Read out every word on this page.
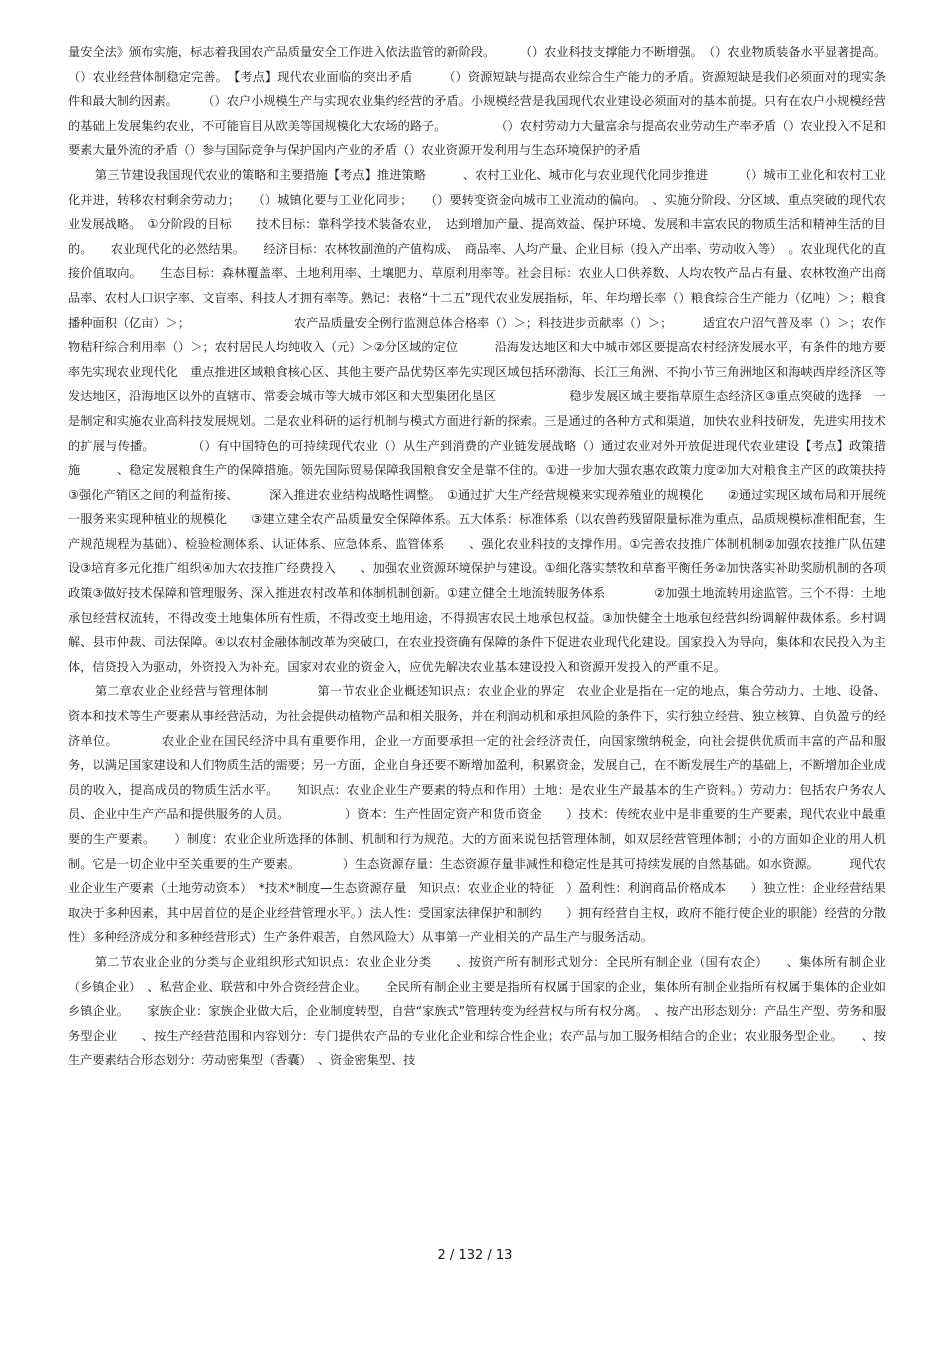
量安全法》颁布实施，标志着我国农产品质量安全工作进入依法监管的新阶段。　　　（）农业科技支撑能力不断增强。　（）农业物质装备水平显著提高。（）农业经营体制稳定完善。　【考点】现代农业面临的突出矛盾　　　（）资源短缺与提高农业综合生产能力的矛盾。资源短缺是我们必须面对的现实条件和最大制约因素。　　　（）农户小规模生产与实现农业集约经营的矛盾。小规模经营是我国现代农业建设必须面对的基本前提。只有在农户小规模经营的基础上发展集约农业，不可能盲目从欧美等国规模化大农场的路子。　　　　　（）农村劳动力大量富余与提高农业劳动生产率矛盾（）农业投入不足和要素大量外流的矛盾（）参与国际竞争与保护国内产业的矛盾（）农业资源开发利用与生态环境保护的矛盾

第三节建设我国现代农业的策略和主要措施【考点】推进策略　　　、农村工业化、城市化与农业现代化同步推进　　　（）城市工业化和农村工业化并进，转移农村剩余劳动力；　　（）城镇化要与工业化同步；　　（）要转变资金向城市工业流动的偏向。　、实施分阶段、分区域、重点突破的现代农业发展战略。　①分阶段的目标　　技术目标：靠科学技术装备农业，　达到增加产量、提高效益、保护环境、发展和丰富农民的物质生活和精神生活的目的。　　农业现代化的必然结果。　　经济目标：农林牧副渔的产值构成、　商品率、人均产量、企业目标（投入产出率、劳动收入等）　。农业现代化的直接价值取向。　　生态目标：森林覆盖率、土地利用率、土壤肥力、草原利用率等。社会目标：农业人口供养数、人均农牧产品占有量、农林牧渔产出商品率、农村人口识字率、文盲率、科技人才拥有率等。熟记：表格“十二五”现代农业发展指标，年、年均增长率（）粮食综合生产能力（亿吨）＞；粮食播种面积（亿亩）＞；　　　　　　　　　农产品质量安全例行监测总体合格率（）＞；科技进步贡献率（）＞；　　　适宜农户沼气普及率（）＞；农作物秸秆综合利用率（）＞；农村居民人均纯收入（元）＞②分区域的定位　　　沿海发达地区和大中城市郊区要提高农村经济发展水平，有条件的地方要率先实现农业现代化　重点推进区域粮食核心区、其他主要产品优势区率先实现区域包括环渤海、长江三角洲、不拘小节三角洲地区和海峡西岸经济区等发达地区，沿海地区以外的直辖市、常委会城市等大城市郊区和大型集团化垦区　　　　　　稳步发展区域主要指草原生态经济区③重点突破的选择　一是制定和实施农业高科技发展规划。二是农业科研的运行机制与模式方面进行新的探索。三是通过的各种方式和渠道，加快农业科技研发，先进实用技术的扩展与传播。　　　　（）有中国特色的可持续现代农业（）从生产到消费的产业链发展战略（）通过农业对外开放促进现代农业建设【考点】政策措施　　　、稳定发展粮食生产的保障措施。领先国际贸易保障我国粮食安全是靠不住的。①进一步加大强农惠农政策力度②加大对粮食主产区的政策扶持③强化产销区之间的利益衔接、　　　深入推进农业结构战略性调整。　①通过扩大生产经营规模来实现养殖业的规模化　　②通过实现区域布局和开展统一服务来实现种植业的规模化　　③建立建全农产品质量安全保障体系。五大体系：标准体系（以农兽药残留限量标准为重点，品质规模标准相配套，生产规范规程为基础）、检验检测体系、认证体系、应急体系、监管体系　　、强化农业科技的支撑作用。①完善农技推广体制机制②加强农技推广队伍建设③培育多元化推广组织④加大农技推广经费投入　　、加强农业资源环境保护与建设。①细化落实禁牧和草畜平衡任务②加快落实补助奖励机制的各项政策③做好技术保障和管理服务、深入推进农村改革和体制机制创新。①建立健全土地流转服务体系　　　　②加强土地流转用途监管。三个不得：土地承包经营权流转，不得改变土地集体所有性质，不得改变土地用途，不得损害农民土地承包权益。③加快健全土地承包经营纠纷调解仲裁体系。乡村调解、县市仲裁、司法保障。④以农村金融体制改革为突破口，在农业投资确有保障的条件下促进农业现代化建设。国家投入为导向，集体和农民投入为主体，信贷投入为驱动，外资投入为补充。国家对农业的资金入，应优先解决农业基本建设投入和资源开发投入的严重不足。

第二章农业企业经营与管理体制　　　　第一节农业企业概述知识点：农业企业的界定　农业企业是指在一定的地点，集合劳动力、土地、设备、资本和技术等生产要素从事经营活动，为社会提供动植物产品和相关服务，并在利润动机和承担风险的条件下，实行独立经营、独立核算、自负盈亏的经济单位。　　　　农业企业在国民经济中具有重要作用，企业一方面要承担一定的社会经济责任，向国家缴纳税金，向社会提供优质而丰富的产品和服务，以满足国家建设和人们物质生活的需要；另一方面，企业自身还要不断增加盈利，积累资金，发展自己，在不断发展生产的基础上，不断增加企业成员的收入，提高成员的物质生活水平。　　知识点：农业企业生产要素的特点和作用）土地：是农业生产最基本的生产资料。）劳动力：包括农户务农人员、企业中生产产品和提供服务的人员。　　　　　）资本：生产性固定资产和货币资金　　）技术：传统农业中是非重要的生产要素，现代农业中最重要的生产要素。　　）制度：农业企业所选择的体制、机制和行为规范。大的方面来说包括管理体制，如双层经营管理体制；小的方面如企业的用人机制。它是一切企业中至关重要的生产要素。　　　　）生态资源存量：生态资源存量非减性和稳定性是其可持续发展的自然基础。如水资源。　　　现代农业企业生产要素（土地劳动资本）　*技术*制度—生态资源存量　知识点：农业企业的特征　）盈利性：利润商品价格成本　　）独立性：企业经营结果取决于多种因素，其中居首位的是企业经营管理水平。）法人性：受国家法律保护和制约　　）拥有经营自主权，政府不能行使企业的职能）经营的分散性）多种经济成分和多种经营形式）生产条件艰苦，自然风险大）从事第一产业相关的产品生产与服务活动。

第二节农业企业的分类与企业组织形式知识点：农业企业分类　　、按资产所有制形式划分：全民所有制企业（国有农企）　　、集体所有制企业（乡镇企业）　、私营企业、联营和中外合资经营企业。　　全民所有制企业主要是指所有权属于国家的企业，集体所有制企业指所有权属于集体的企业如乡镇企业。　　家族企业：家族企业做大后，企业制度转型，自营“家族式”管理转变为经营权与所有权分离。　、按产出形态划分：产品生产型、劳务和服务型企业　　、按生产经营范围和内容划分：专门提供农产品的专业化企业和综合性企业；农产品与加工服务相结合的企业；农业服务型企业。　　、按生产要素结合形态划分：劳动密集型（香囊）　、资金密集型、技

2 / 132 / 13
